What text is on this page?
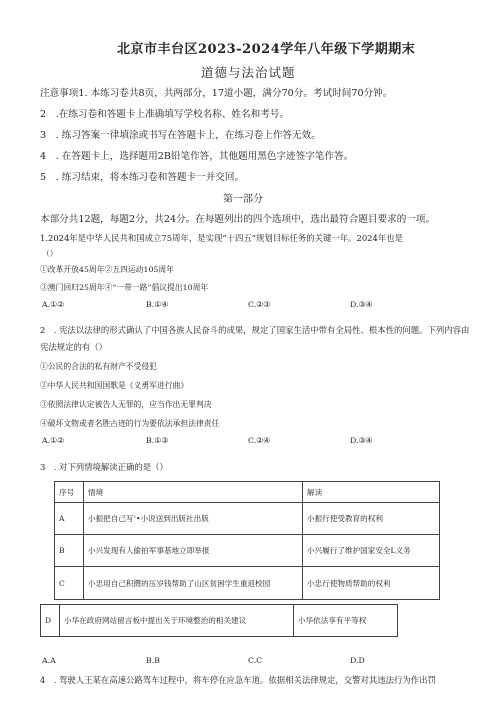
北京市丰台区2023-2024学年八年级下学期期末
道德与法治试题
注意事项1. 本练习卷共8页，共两部分，17道小题，满分70分。考试时间70分钟。
2　.在练习卷和答题卡上准确填写学校名称、姓名和考号。
3　. 练习答案一律填涂或书写在答题卡上，在练习卷上作答无效。
4　. 在答题卡上，选择题用2B铅笔作答，其他题用黑色字迹签字笔作答。
5　. 练习结束，将本练习卷和答题卡一并交回。
第一部分
本部分共12题，每题2分，共24分。在每题列出的四个选项中，选出最符合题目要求的一项。
1.2024年是中华人民共和国成立75周年，是实现“十四五”规划目标任务的关键一年。2024年也是
（）
①改革开放45周年②五四运动105周年
③澳门回归25周年④“一带一路”倡议提出10周年
A.①②	B.①④	C.②③	D.③④
2　. 宪法以法律的形式确认了中国各族人民奋斗的成果，规定了国家生活中带有全局性、根本性的问题。下列内容由
宪法规定的有（）
①公民的合法的私有财产不受侵犯
②中华人民共和国国歌是《义勇军进行曲》
③依照法律认定被告人无罪的，应当作出无罪判决
④破坏文物或者名胜古迹的行为要依法承担法律责任
A.①②	B.①③	C.②④	D.③④
3　. 对下列情境解读正确的是（）
序号	情境	解读
A	小振把自己写‘•小说送到出版社出版	小振行使受教育的权利
B	小兴发现有人偷拍军事基地立即举报	小兴履行了维护国家安全L义务
C	小忠用自己积攒的压岁钱帮助了山区贫困学生重返校园	小忠行使物质帮助的权利
D	小华在政府网站留言板中提出关于环境整治的相关建议	小华依法享有平等权
A.A	B.B	C.C	D.D
4　. 驾驶人王某在高速公路驾车过程中，将车停在应急车道。依据相关法律规定，交警对其违法行为作出罚
